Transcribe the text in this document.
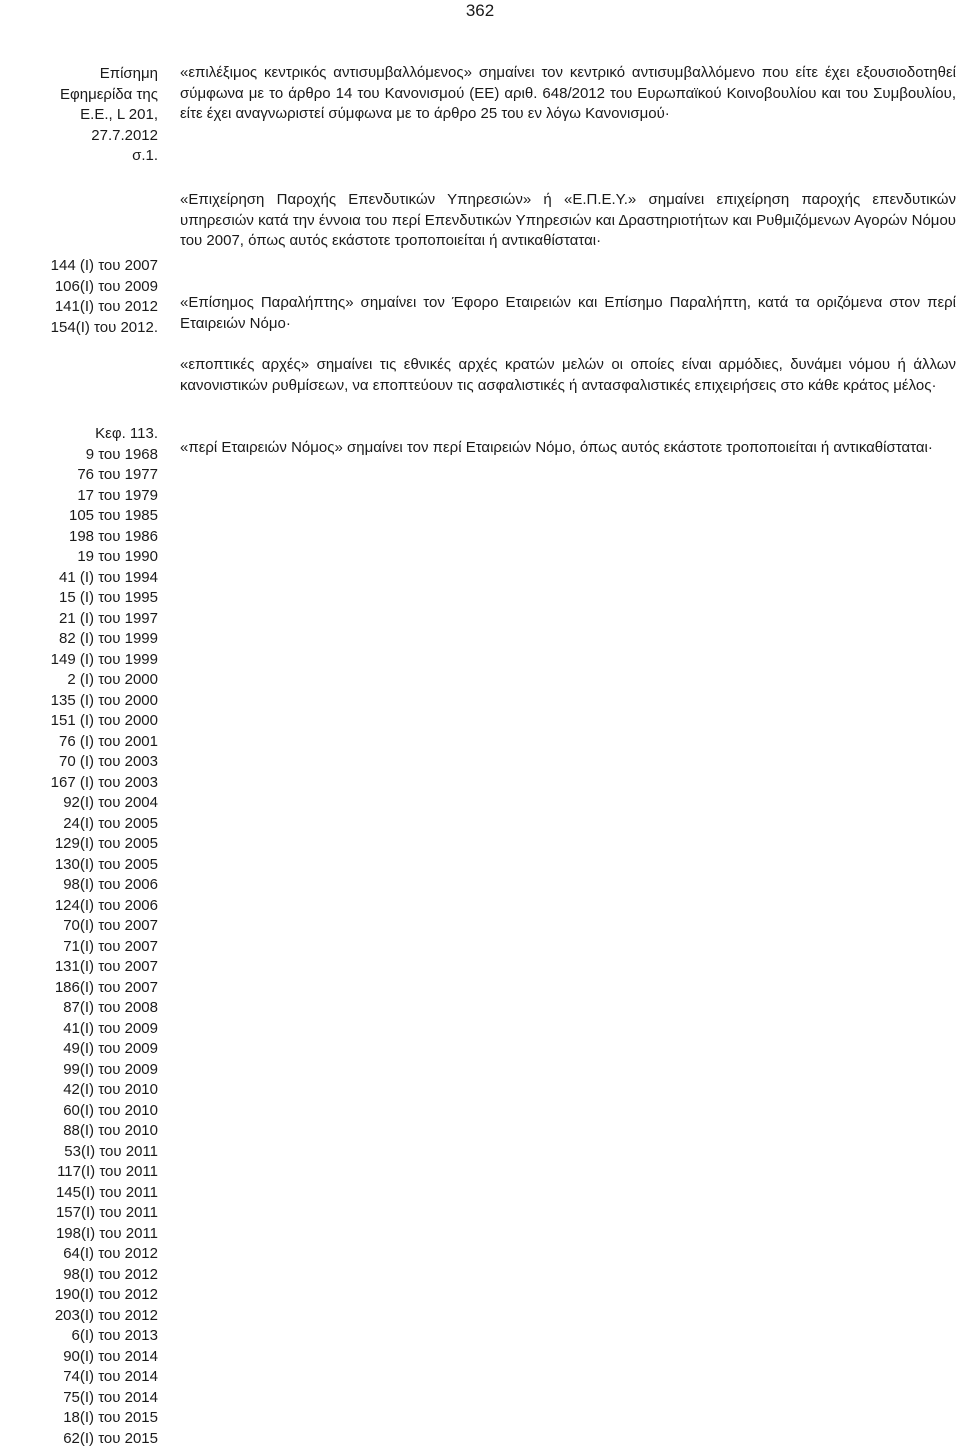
362
Επίσημη
Εφημερίδα της
Ε.Ε., L 201,
27.7.2012
σ.1.
144 (Ι) του 2007
106(Ι) του 2009
141(Ι) του 2012
154(Ι) του 2012.
Κεφ. 113.
9 του 1968
76 του 1977
17 του 1979
105 του 1985
198 του 1986
19 του 1990
41 (Ι) του 1994
15 (Ι) του 1995
21 (Ι) του 1997
82 (Ι) του 1999
149 (Ι) του 1999
2 (Ι) του 2000
135 (Ι) του 2000
151 (Ι) του 2000
76 (Ι) του 2001
70 (Ι) του 2003
167 (Ι) του 2003
92(Ι) του 2004
24(Ι) του 2005
129(Ι) του 2005
130(Ι) του 2005
98(Ι) του 2006
124(Ι) του 2006
70(Ι) του 2007
71(Ι) του 2007
131(Ι) του 2007
186(Ι) του 2007
87(Ι) του 2008
41(Ι) του 2009
49(Ι) του 2009
99(Ι) του 2009
42(Ι) του 2010
60(Ι) του 2010
88(Ι) του 2010
53(Ι) του 2011
117(Ι) του 2011
145(Ι) του 2011
157(Ι) του 2011
198(Ι) του 2011
64(Ι) του 2012
98(Ι) του 2012
190(Ι) του 2012
203(Ι) του 2012
6(Ι) του 2013
90(Ι) του 2014
74(Ι) του 2014
75(Ι) του 2014
18(Ι) του 2015
62(Ι) του 2015

«επιλέξιμος κεντρικός αντισυμβαλλόμενος» σημαίνει τον κεντρικό αντισυμβαλλόμενο που είτε έχει εξουσιοδοτηθεί σύμφωνα με το άρθρο 14 του Κανονισμού (ΕΕ) αριθ. 648/2012 του Ευρωπαϊκού Κοινοβουλίου και του Συμβουλίου, είτε έχει αναγνωριστεί σύμφωνα με το άρθρο 25 του εν λόγω Κανονισμού·

«Επιχείρηση Παροχής Επενδυτικών Υπηρεσιών» ή «Ε.Π.Ε.Υ.» σημαίνει επιχείρηση παροχής επενδυτικών υπηρεσιών κατά την έννοια του περί Επενδυτικών Υπηρεσιών και Δραστηριοτήτων και Ρυθμιζόμενων Αγορών Νόμου του 2007, όπως αυτός εκάστοτε τροποποιείται ή αντικαθίσταται·

«Επίσημος Παραλήπτης» σημαίνει τον Έφορο Εταιρειών και Επίσημο Παραλήπτη, κατά τα οριζόμενα στον περί Εταιρειών Νόμο·

«εποπτικές αρχές» σημαίνει τις εθνικές αρχές κρατών μελών οι οποίες είναι αρμόδιες, δυνάμει νόμου ή άλλων κανονιστικών ρυθμίσεων, να εποπτεύουν τις ασφαλιστικές ή αντασφαλιστικές επιχειρήσεις στο κάθε κράτος μέλος·

«περί Εταιρειών Νόμος» σημαίνει τον περί Εταιρειών Νόμο, όπως αυτός εκάστοτε τροποποιείται ή αντικαθίσταται·
